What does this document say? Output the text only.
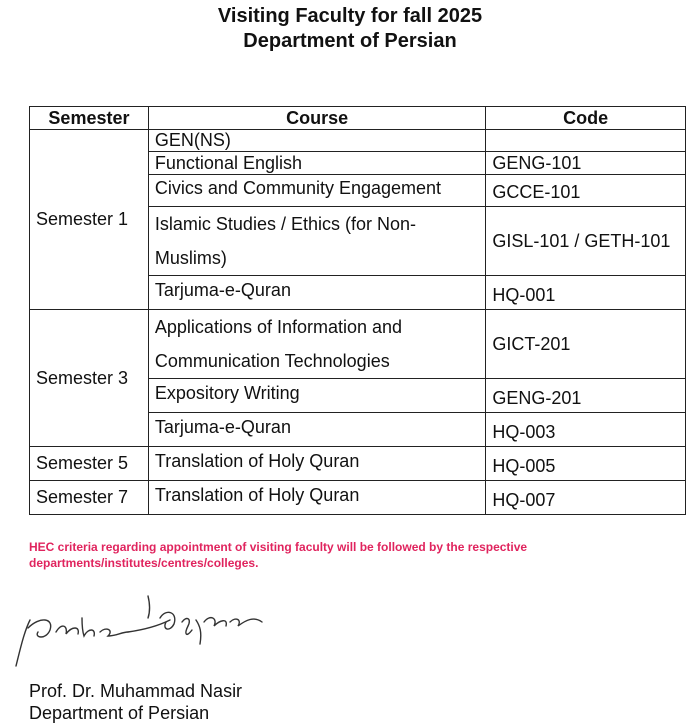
Visiting Faculty for fall 2025
Department of Persian
Semester	Course	Code
Semester 1	GEN(NS)	
	Functional English	GENG-101
	Civics and Community Engagement	GCCE-101
	Islamic Studies / Ethics (for Non-Muslims)	GISL-101 / GETH-101
	Tarjuma-e-Quran	HQ-001
Semester 3	Applications of Information and Communication Technologies	GICT-201
	Expository Writing	GENG-201
	Tarjuma-e-Quran	HQ-003
Semester 5	Translation of Holy Quran	HQ-005
Semester 7	Translation of Holy Quran	HQ-007
HEC criteria regarding appointment of visiting faculty will be followed by the respective departments/institutes/centres/colleges.
Prof. Dr. Muhammad Nasir
Department of Persian
